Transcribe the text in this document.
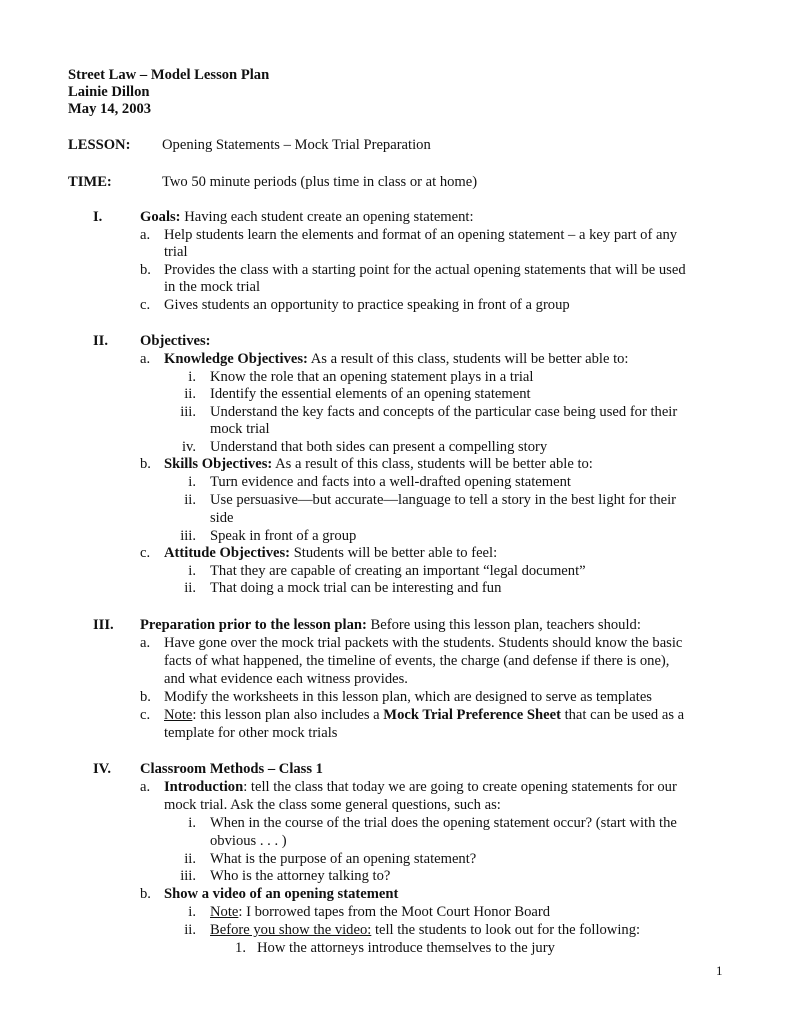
Street Law – Model Lesson Plan
Lainie Dillon
May 14, 2003
LESSON: Opening Statements – Mock Trial Preparation
TIME:	Two 50 minute periods (plus time in class or at home)
I.	Goals: Having each student create an opening statement:
a. Help students learn the elements and format of an opening statement – a key part of any
trial
b. Provides the class with a starting point for the actual opening statements that will be used
in the mock trial
c. Gives students an opportunity to practice speaking in front of a group
II. Objectives:
a. Knowledge Objectives: As a result of this class, students will be better able to:
i. Know the role that an opening statement plays in a trial
ii. Identify the essential elements of an opening statement
iii. Understand the key facts and concepts of the particular case being used for their
mock trial
iv. Understand that both sides can present a compelling story
b. Skills Objectives: As a result of this class, students will be better able to:
i. Turn evidence and facts into a well-drafted opening statement
ii. Use persuasive—but accurate—language to tell a story in the best light for their
side
iii. Speak in front of a group
c. Attitude Objectives: Students will be better able to feel:
i. That they are capable of creating an important “legal document”
ii. That doing a mock trial can be interesting and fun
III. Preparation prior to the lesson plan: Before using this lesson plan, teachers should:
a. Have gone over the mock trial packets with the students. Students should know the basic
facts of what happened, the timeline of events, the charge (and defense if there is one),
and what evidence each witness provides.
b. Modify the worksheets in this lesson plan, which are designed to serve as templates
c. Note: this lesson plan also includes a Mock Trial Preference Sheet that can be used as a
template for other mock trials
IV. Classroom Methods – Class 1
a. Introduction: tell the class that today we are going to create opening statements for our
mock trial. Ask the class some general questions, such as:
i. When in the course of the trial does the opening statement occur? (start with the
obvious . . . )
ii. What is the purpose of an opening statement?
iii. Who is the attorney talking to?
b. Show a video of an opening statement
i. Note: I borrowed tapes from the Moot Court Honor Board
ii. Before you show the video: tell the students to look out for the following:
1. How the attorneys introduce themselves to the jury
1
